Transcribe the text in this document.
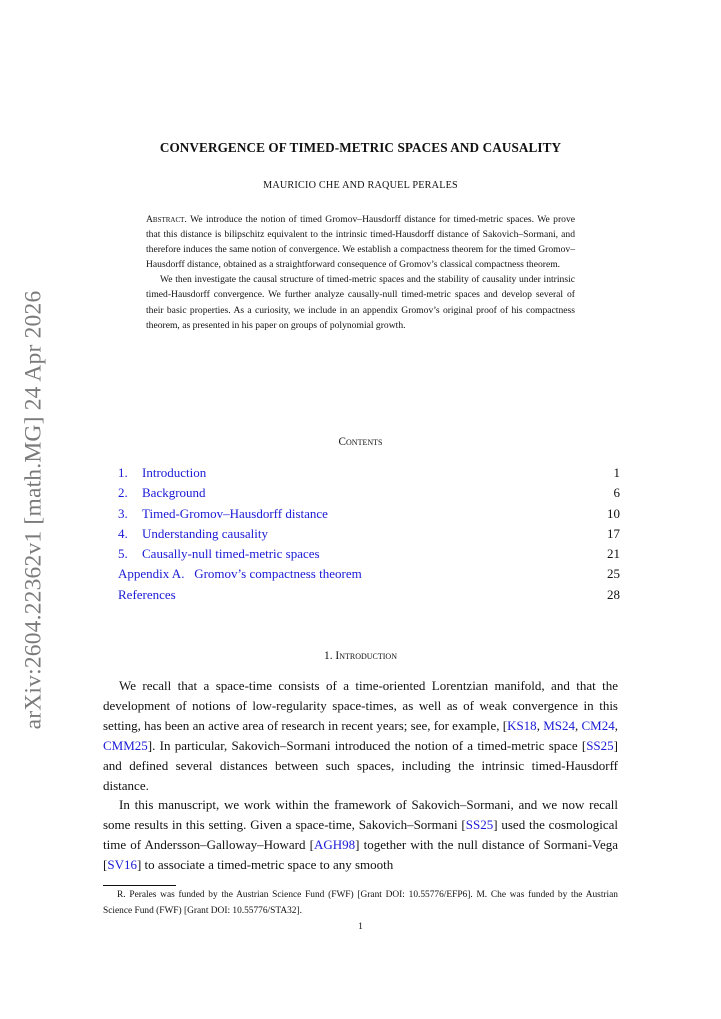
arXiv:2604.22362v1 [math.MG] 24 Apr 2026
CONVERGENCE OF TIMED-METRIC SPACES AND CAUSALITY
MAURICIO CHE AND RAQUEL PERALES

Abstract. We introduce the notion of timed Gromov–Hausdorff distance for timed-metric spaces. We prove that this distance is bilipschitz equivalent to the intrinsic timed-Hausdorff distance of Sakovich–Sormani, and therefore induces the same notion of convergence. We establish a compactness theorem for the timed Gromov–Hausdorff distance, obtained as a straightforward consequence of Gromov’s classical compactness theorem.

We then investigate the causal structure of timed-metric spaces and the stability of causality under intrinsic timed-Hausdorff convergence. We further analyze causally-null timed-metric spaces and develop several of their basic properties. As a curiosity, we include in an appendix Gromov’s original proof of his compactness theorem, as presented in his paper on groups of polynomial growth.

Contents
1. Introduction	1
2. Background	6
3. Timed-Gromov–Hausdorff distance	10
4. Understanding causality	17
5. Causally-null timed-metric spaces	21
Appendix A.   Gromov’s compactness theorem	25
References	28
1. Introduction

We recall that a space-time consists of a time-oriented Lorentzian manifold, and that the development of notions of low-regularity space-times, as well as of weak convergence in this setting, has been an active area of research in recent years; see, for example, [KS18, MS24, CM24, CMM25]. In particular, Sakovich–Sormani introduced the notion of a timed-metric space [SS25] and defined several distances between such spaces, including the intrinsic timed-Hausdorff distance.

In this manuscript, we work within the framework of Sakovich–Sormani, and we now recall some results in this setting. Given a space-time, Sakovich–Sormani [SS25] used the cosmological time of Andersson–Galloway–Howard [AGH98] together with the null distance of Sormani-Vega [SV16] to associate a timed-metric space to any smooth

R. Perales was funded by the Austrian Science Fund (FWF) [Grant DOI: 10.55776/EFP6]. M. Che was funded by the Austrian Science Fund (FWF) [Grant DOI: 10.55776/STA32].

1
